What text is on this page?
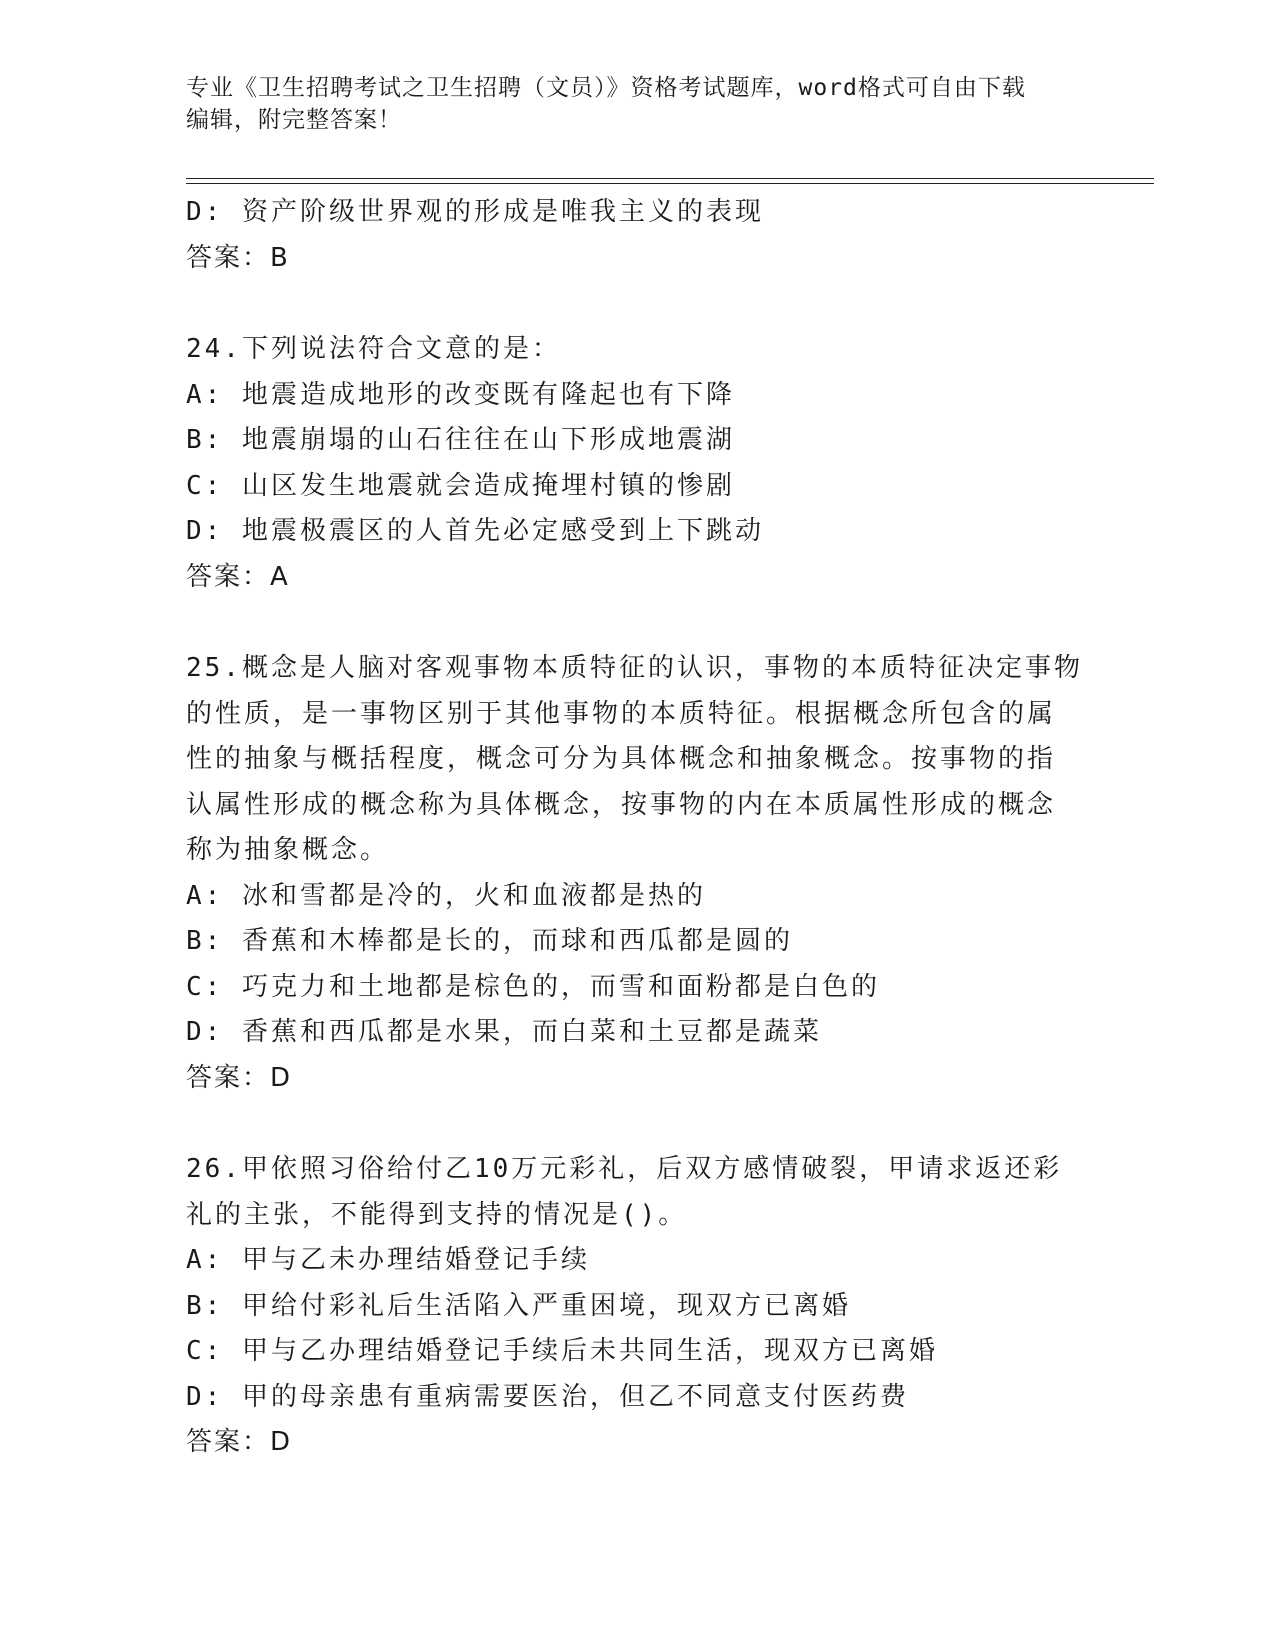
专业《卫生招聘考试之卫生招聘（文员）》资格考试题库，word格式可自由下载
编辑，附完整答案！
D: 资产阶级世界观的形成是唯我主义的表现
答案：B
24.下列说法符合文意的是：
A: 地震造成地形的改变既有隆起也有下降
B: 地震崩塌的山石往往在山下形成地震湖
C: 山区发生地震就会造成掩埋村镇的惨剧
D: 地震极震区的人首先必定感受到上下跳动
答案：A
25.概念是人脑对客观事物本质特征的认识，事物的本质特征决定事物
的性质，是一事物区别于其他事物的本质特征。根据概念所包含的属
性的抽象与概括程度，概念可分为具体概念和抽象概念。按事物的指
认属性形成的概念称为具体概念，按事物的内在本质属性形成的概念
称为抽象概念。
A: 冰和雪都是冷的，火和血液都是热的
B: 香蕉和木棒都是长的，而球和西瓜都是圆的
C: 巧克力和土地都是棕色的，而雪和面粉都是白色的
D: 香蕉和西瓜都是水果，而白菜和土豆都是蔬菜
答案：D
26.甲依照习俗给付乙10万元彩礼，后双方感情破裂，甲请求返还彩
礼的主张，不能得到支持的情况是()。
A: 甲与乙未办理结婚登记手续
B: 甲给付彩礼后生活陷入严重困境，现双方已离婚
C: 甲与乙办理结婚登记手续后未共同生活，现双方已离婚
D: 甲的母亲患有重病需要医治，但乙不同意支付医药费
答案：D
